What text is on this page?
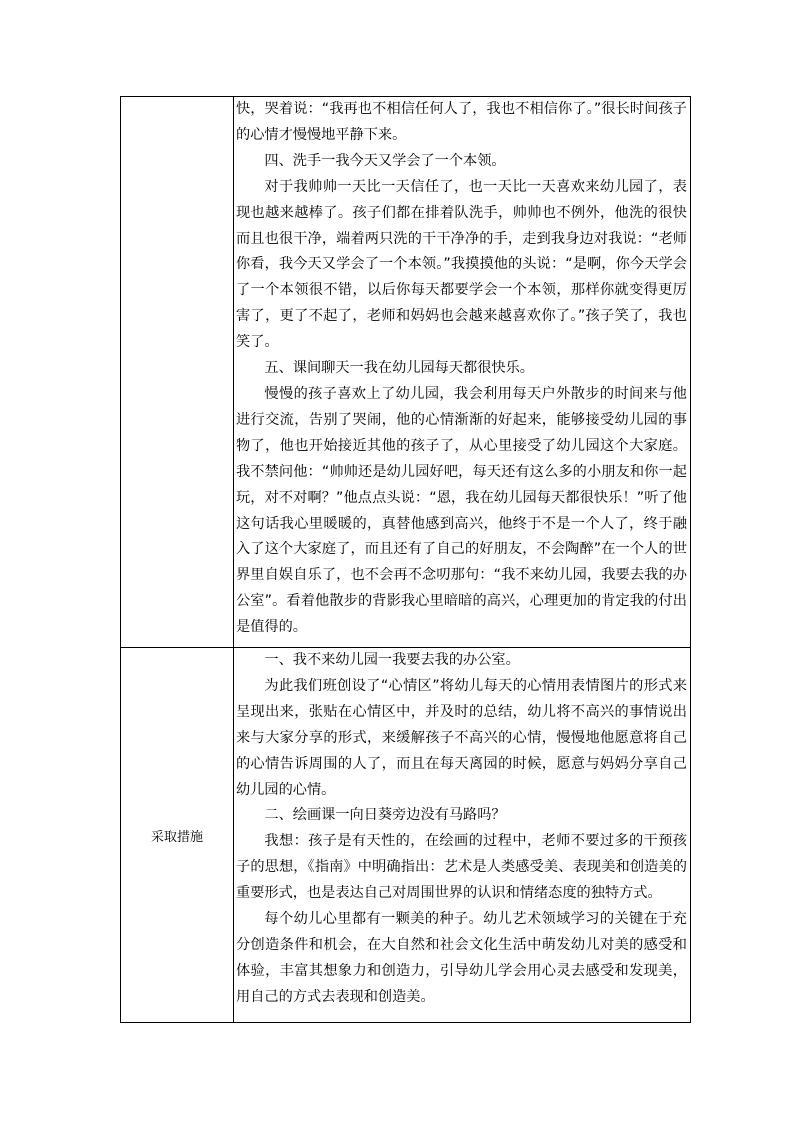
	快，哭着说：“我再也不相信任何人了，我也不相信你了。”很长时间孩子的心情才慢慢地平静下来。

四、洗手一我今天又学会了一个本领。

对于我帅帅一天比一天信任了，也一天比一天喜欢来幼儿园了，表现也越来越棒了。孩子们都在排着队洗手，帅帅也不例外，他洗的很快而且也很干净，端着两只洗的干干净净的手，走到我身边对我说：“老师你看，我今天又学会了一个本领。”我摸摸他的头说：“是啊，你今天学会了一个本领很不错，以后你每天都要学会一个本领，那样你就变得更厉害了，更了不起了，老师和妈妈也会越来越喜欢你了。”孩子笑了，我也笑了。

五、课间聊天一我在幼儿园每天都很快乐。

慢慢的孩子喜欢上了幼儿园，我会利用每天户外散步的时间来与他进行交流，告别了哭闹，他的心情渐渐的好起来，能够接受幼儿园的事物了，他也开始接近其他的孩子了，从心里接受了幼儿园这个大家庭。我不禁问他：“帅帅还是幼儿园好吧，每天还有这么多的小朋友和你一起玩，对不对啊？”他点点头说：“恩，我在幼儿园每天都很快乐！”听了他这句话我心里暖暖的，真替他感到高兴，他终于不是一个人了，终于融入了这个大家庭了，而且还有了自己的好朋友，不会陶醉”在一个人的世界里自娱自乐了，也不会再不念叨那句：“我不来幼儿园，我要去我的办公室”。看着他散步的背影我心里暗暗的高兴，心理更加的肯定我的付出是值得的。

采取措施	一、我不来幼儿园一我要去我的办公室。

为此我们班创设了“心情区”将幼儿每天的心情用表情图片的形式来呈现出来，张贴在心情区中，并及时的总结，幼儿将不高兴的事情说出来与大家分享的形式，来缓解孩子不高兴的心情，慢慢地他愿意将自己的心情告诉周围的人了，而且在每天离园的时候，愿意与妈妈分享自己幼儿园的心情。

二、绘画课一向日葵旁边没有马路吗？

我想：孩子是有天性的，在绘画的过程中，老师不要过多的干预孩子的思想，《指南》中明确指出：艺术是人类感受美、表现美和创造美的重要形式，也是表达自己对周围世界的认识和情绪态度的独特方式。

每个幼儿心里都有一颗美的种子。幼儿艺术领域学习的关键在于充分创造条件和机会，在大自然和社会文化生活中萌发幼儿对美的感受和体验，丰富其想象力和创造力，引导幼儿学会用心灵去感受和发现美，用自己的方式去表现和创造美。
